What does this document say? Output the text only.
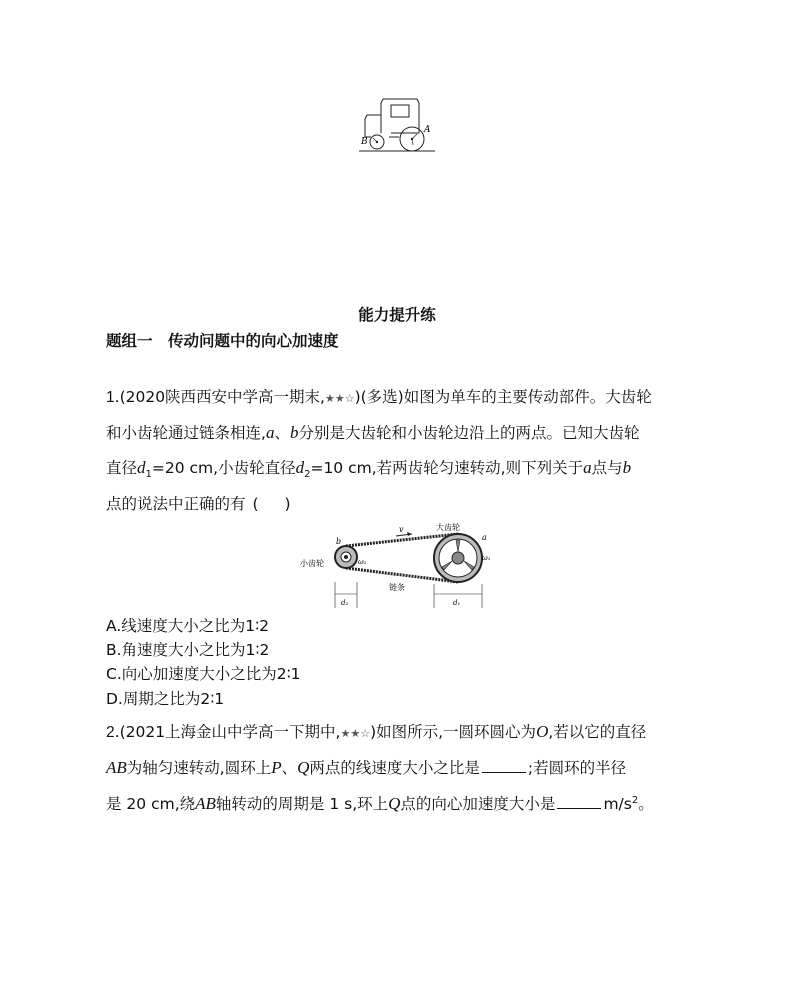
A
B
能力提升练
题组一　传动问题中的向心加速度
1.(2020陕西西安中学高一期末,★★☆)(多选)如图为单车的主要传动部件。大齿轮
和小齿轮通过链条相连,a、b分别是大齿轮和小齿轮边沿上的两点。已知大齿轮
直径$d_1=20$ cm,小齿轮直径$d_2=10$ cm,若两齿轮匀速转动,则下列关于a点与b
点的说法中正确的有 ( )
v	大齿轮
小齿轮
链条
a
b
ω₁
ω₂
d₂	d₁
A.线速度大小之比为1∶2
B.角速度大小之比为1∶2
C.向心加速度大小之比为2∶1
D.周期之比为2∶1
2.(2021上海金山中学高一下期中,★★☆)如图所示,一圆环圆心为O,若以它的直径
AB为轴匀速转动,圆环上P、Q两点的线速度大小之比是	;若圆环的半径
是 20 cm,绕AB轴转动的周期是 1 s,环上Q点的向心加速度大小是	$m/s^2$。
